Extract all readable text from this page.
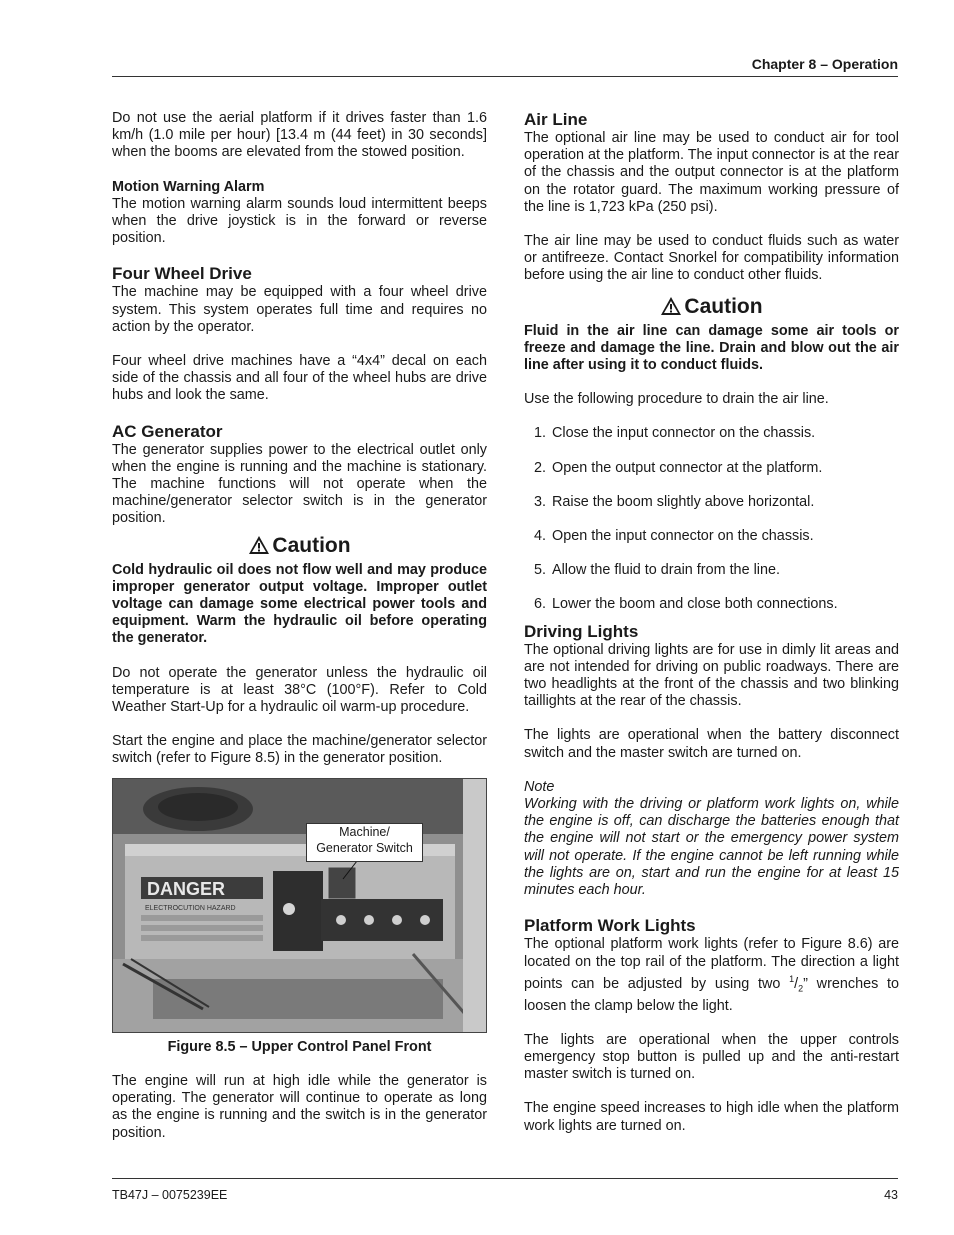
Chapter 8 – Operation

Do not use the aerial platform if it drives faster than 1.6 km/h (1.0 mile per hour) [13.4 m (44 feet) in 30 seconds] when the booms are elevated from the stowed position.

Motion Warning Alarm

The motion warning alarm sounds loud intermittent beeps when the drive joystick is in the forward or reverse position.

Four Wheel Drive

The machine may be equipped with a four wheel drive system. This system operates full time and requires no action by the operator.

Four wheel drive machines have a “4x4” decal on each side of the chassis and all four of the wheel hubs are drive hubs and look the same.

AC Generator

The generator supplies power to the electrical outlet only when the engine is running and the machine is stationary. The machine functions will not operate when the machine/generator selector switch is in the generator position.

Caution

Cold hydraulic oil does not flow well and may produce improper generator output voltage. Improper outlet voltage can damage some electrical power tools and equipment. Warm the hydraulic oil before operating the generator.

Do not operate the generator unless the hydraulic oil temperature is at least 38°C (100°F). Refer to Cold Weather Start-Up for a hydraulic oil warm-up procedure.

Start the engine and place the machine/generator selector switch (refer to Figure 8.5) in the generator position.

DANGER
ELECTROCUTION HAZARD
Machine/
Generator Switch
Figure 8.5 – Upper Control Panel Front

The engine will run at high idle while the generator is operating. The generator will continue to operate as long as the engine is running and the switch is in the generator position.

Air Line

The optional air line may be used to conduct air for tool operation at the platform. The input connector is at the rear of the chassis and the output connector is at the platform on the rotator guard. The maximum working pressure of the line is 1,723 kPa (250 psi).

The air line may be used to conduct fluids such as water or antifreeze. Contact Snorkel for compatibility information before using the air line to conduct other fluids.

Caution

Fluid in the air line can damage some air tools or freeze and damage the line. Drain and blow out the air line after using it to conduct fluids.

Use the following procedure to drain the air line.

1. Close the input connector on the chassis.
2. Open the output connector at the platform.
3. Raise the boom slightly above horizontal.
4. Open the input connector on the chassis.
5. Allow the fluid to drain from the line.
6. Lower the boom and close both connections.
Driving Lights

The optional driving lights are for use in dimly lit areas and are not intended for driving on public roadways. There are two headlights at the front of the chassis and two blinking taillights at the rear of the chassis.

The lights are operational when the battery disconnect switch and the master switch are turned on.

Note

Working with the driving or platform work lights on, while the engine is off, can discharge the batteries enough that the engine will not start or the emergency power system will not operate. If the engine cannot be left running while the lights are on, start and run the engine for at least 15 minutes each hour.

Platform Work Lights

The optional platform work lights (refer to Figure 8.6) are located on the top rail of the platform. The direction a light points can be adjusted by using two $^1/_2$” wrenches to loosen the clamp below the light.

The lights are operational when the upper controls emergency stop button is pulled up and the anti-restart master switch is turned on.

The engine speed increases to high idle when the platform work lights are turned on.

TB47J – 0075239EE	43
